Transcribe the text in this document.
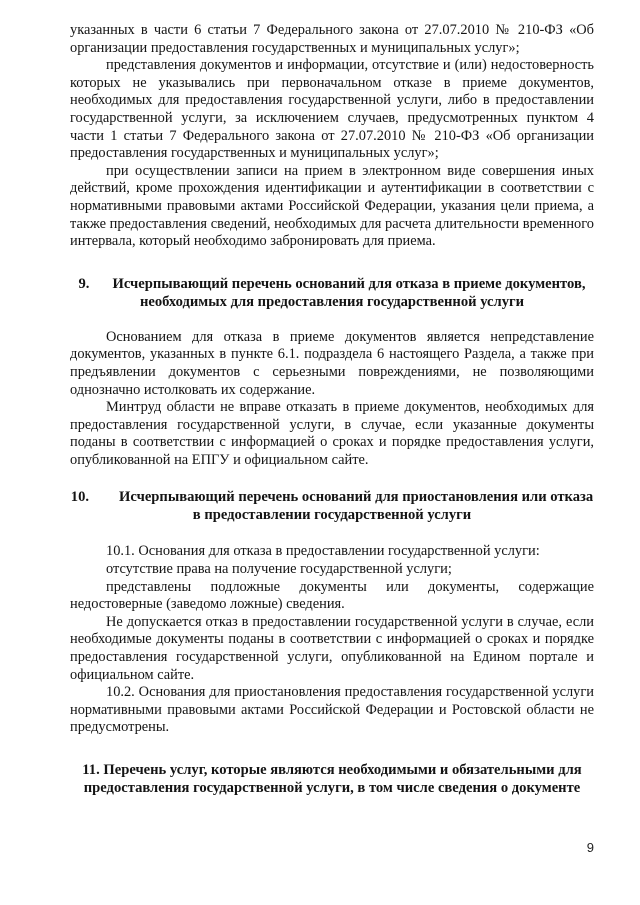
указанных в части 6 статьи 7 Федерального закона от 27.07.2010 № 210-ФЗ «Об организации предоставления государственных и муниципальных услуг»;

представления документов и информации, отсутствие и (или) недостоверность которых не указывались при первоначальном отказе в приеме документов, необходимых для предоставления государственной услуги, либо в предоставлении государственной услуги, за исключением случаев, предусмотренных пунктом 4 части 1 статьи 7 Федерального закона от 27.07.2010 № 210-ФЗ «Об организации предоставления государственных и муниципальных услуг»;

при осуществлении записи на прием в электронном виде совершения иных действий, кроме прохождения идентификации и аутентификации в соответствии с нормативными правовыми актами Российской Федерации, указания цели приема, а также предоставления сведений, необходимых для расчета длительности временного интервала, который необходимо забронировать для приема.

9. Исчерпывающий перечень оснований для отказа в приеме документов, необходимых для предоставления государственной услуги

Основанием для отказа в приеме документов является непредставление документов, указанных в пункте 6.1. подраздела 6 настоящего Раздела, а также при предъявлении документов с серьезными повреждениями, не позволяющими однозначно истолковать их содержание.

Минтруд области не вправе отказать в приеме документов, необходимых для предоставления государственной услуги, в случае, если указанные документы поданы в соответствии с информацией о сроках и порядке предоставления услуги, опубликованной на ЕПГУ и официальном сайте.

10. Исчерпывающий перечень оснований для приостановления или отказа в предоставлении государственной услуги

10.1. Основания для отказа в предоставлении государственной услуги:

отсутствие права на получение государственной услуги;

представлены подложные документы или документы, содержащие недостоверные (заведомо ложные) сведения.

Не допускается отказ в предоставлении государственной услуги в случае, если необходимые документы поданы в соответствии с информацией о сроках и порядке предоставления государственной услуги, опубликованной на Едином портале и официальном сайте.

10.2. Основания для приостановления предоставления государственной услуги нормативными правовыми актами Российской Федерации и Ростовской области не предусмотрены.

11. Перечень услуг, которые являются необходимыми и обязательными для предоставления государственной услуги, в том числе сведения о документе
9
